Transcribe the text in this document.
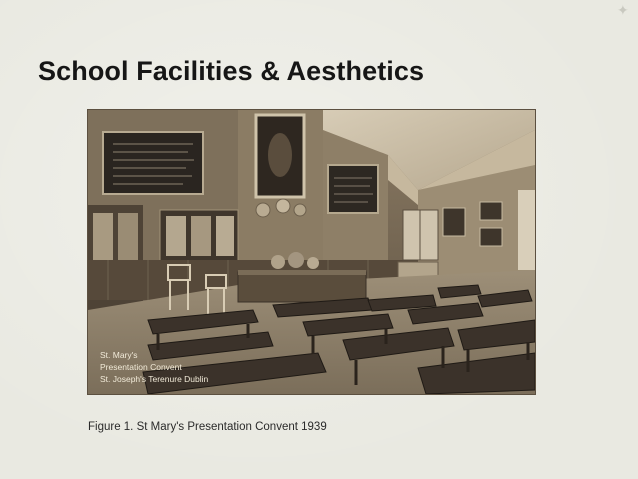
✦
School Facilities & Aesthetics
St. Mary's
Presentation Convent
St. Joseph's Terenure Dublin
Figure 1. St Mary's Presentation Convent 1939
